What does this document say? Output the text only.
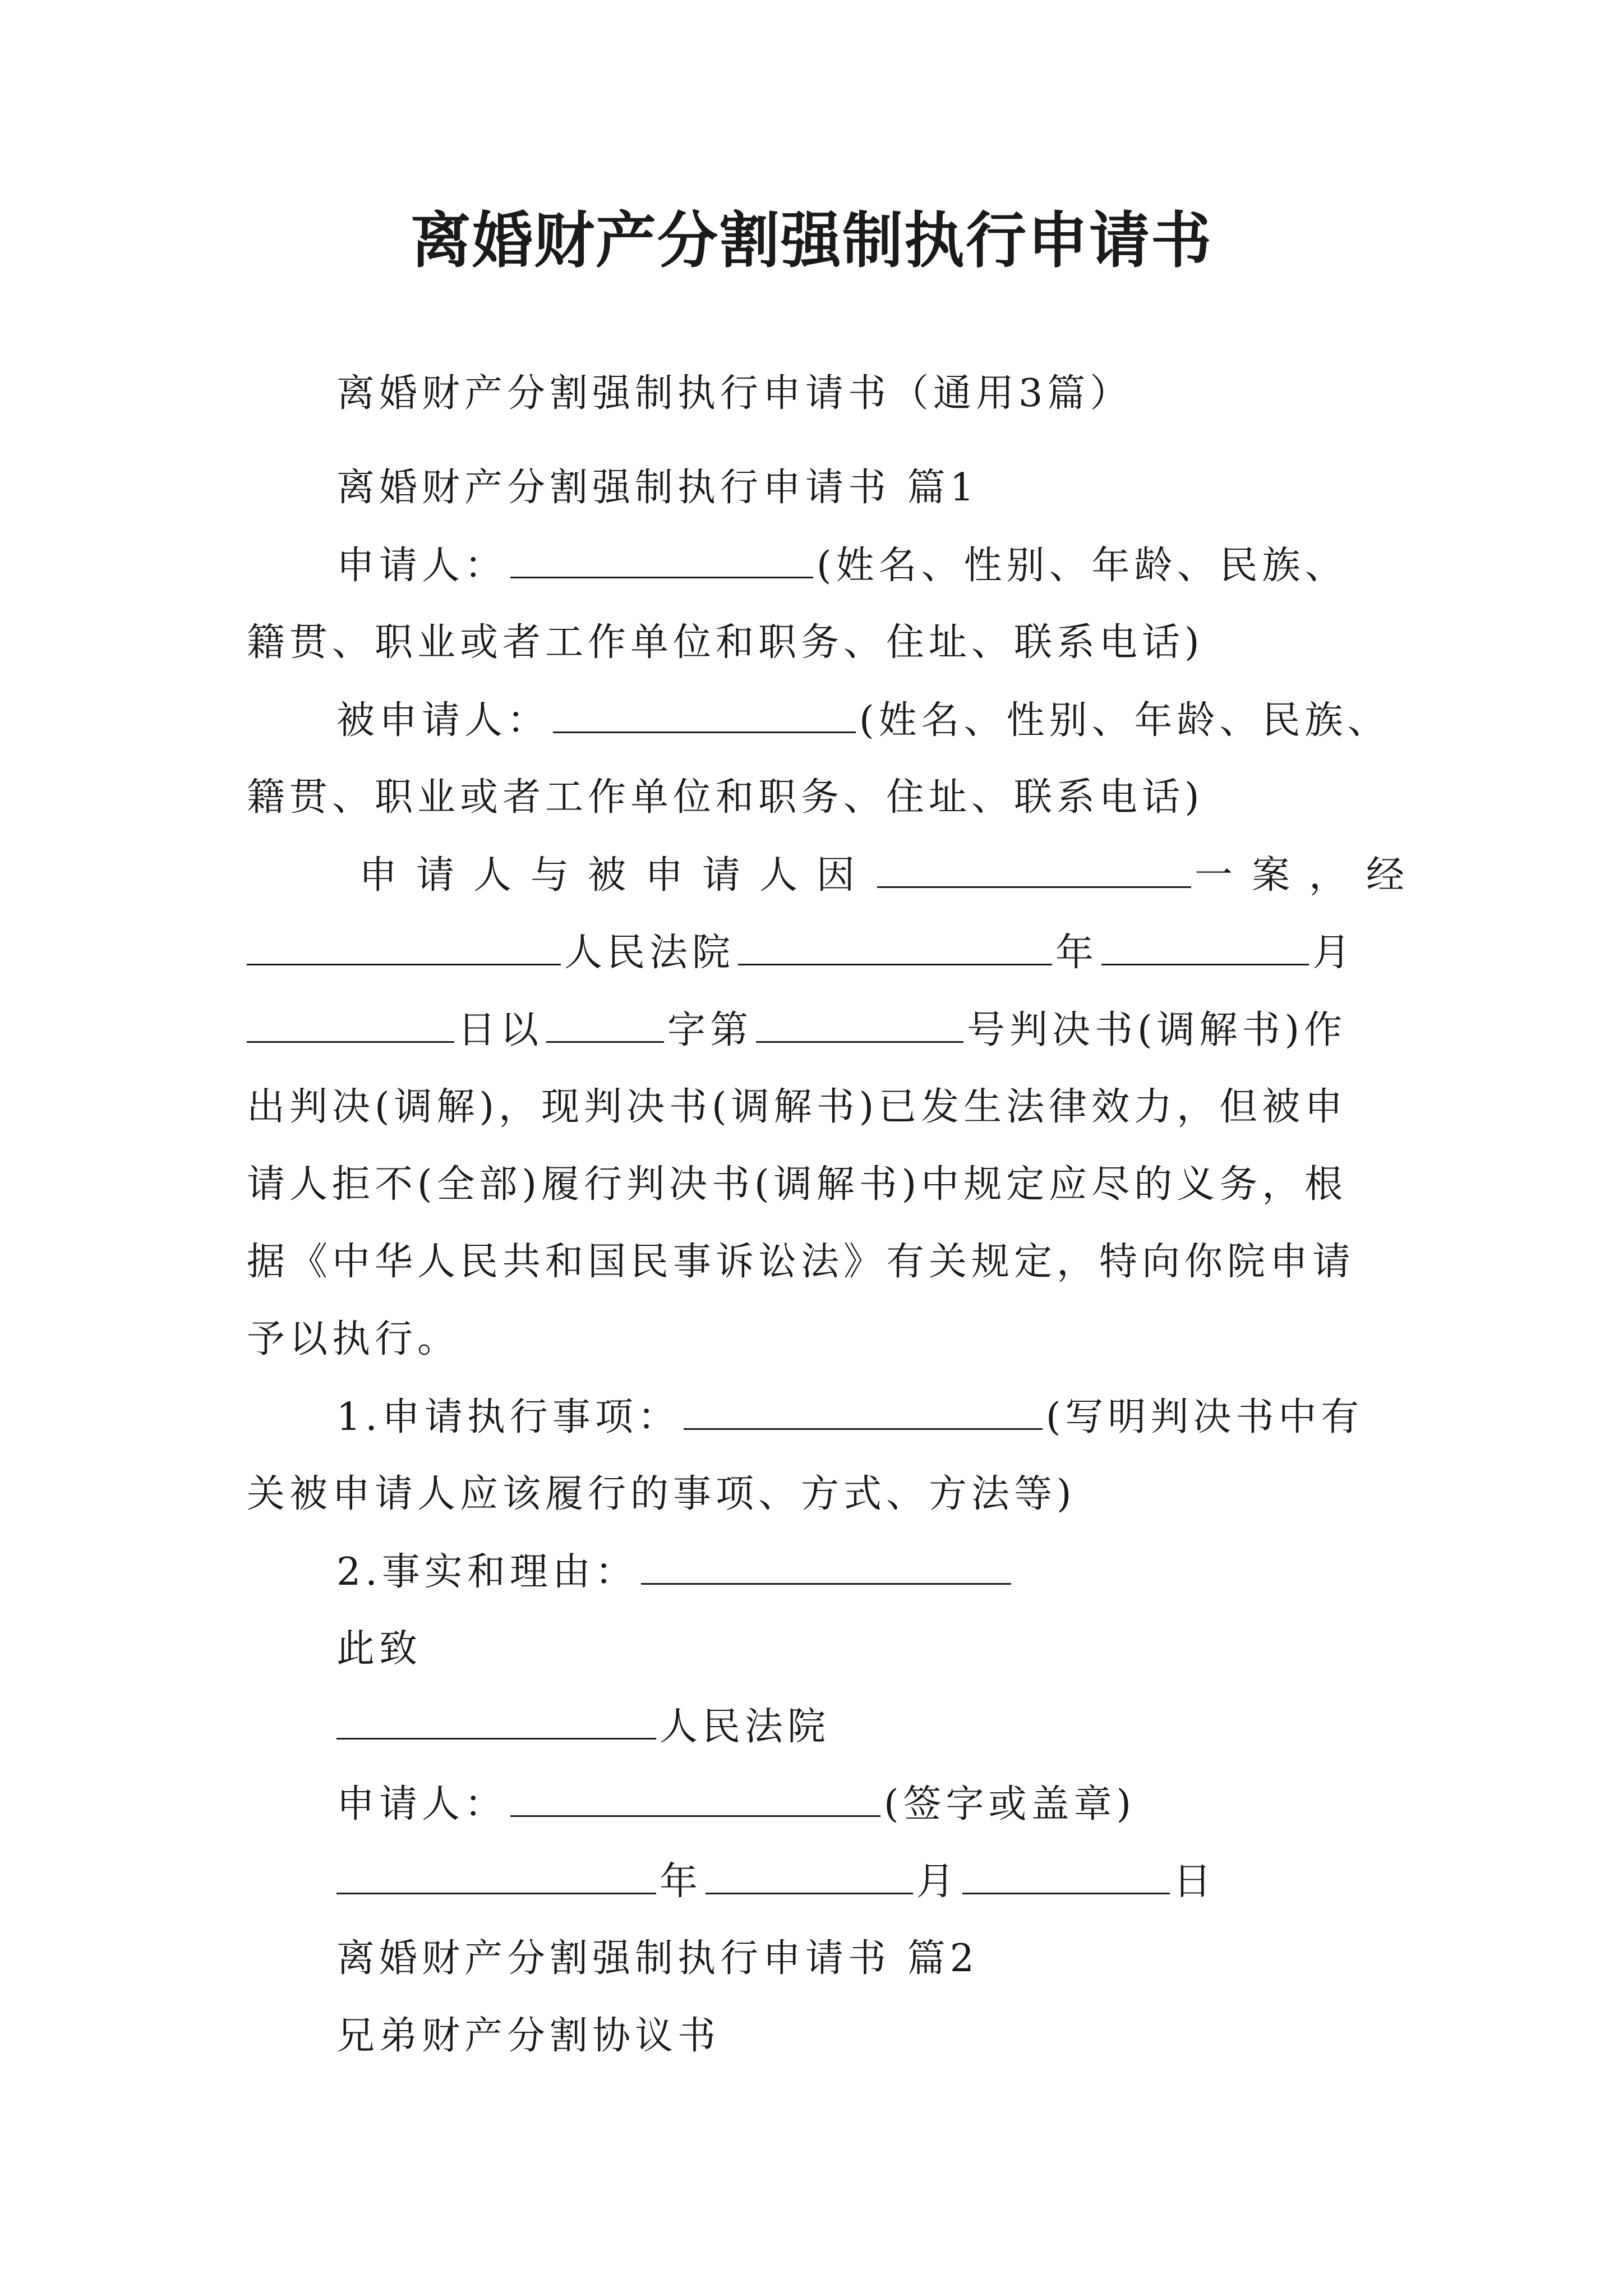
离婚财产分割强制执行申请书
离婚财产分割强制执行申请书（通用3篇）
离婚财产分割强制执行申请书 篇1
申请人：	(姓名、性别、年龄、民族、
籍贯、职业或者工作单位和职务、住址、联系电话)
被申请人：	(姓名、性别、年龄、民族、
籍贯、职业或者工作单位和职务、住址、联系电话)
申请人与被申请人因	一案，经
人民法院	年	月
日以	字第	号判决书(调解书)作
出判决(调解)，现判决书(调解书)已发生法律效力，但被申
请人拒不(全部)履行判决书(调解书)中规定应尽的义务，根
据《中华人民共和国民事诉讼法》有关规定，特向你院申请
予以执行。
1.申请执行事项：	(写明判决书中有
关被申请人应该履行的事项、方式、方法等)
2.事实和理由：
此致
人民法院
申请人：	(签字或盖章)
年	月	日
离婚财产分割强制执行申请书 篇2
兄弟财产分割协议书
